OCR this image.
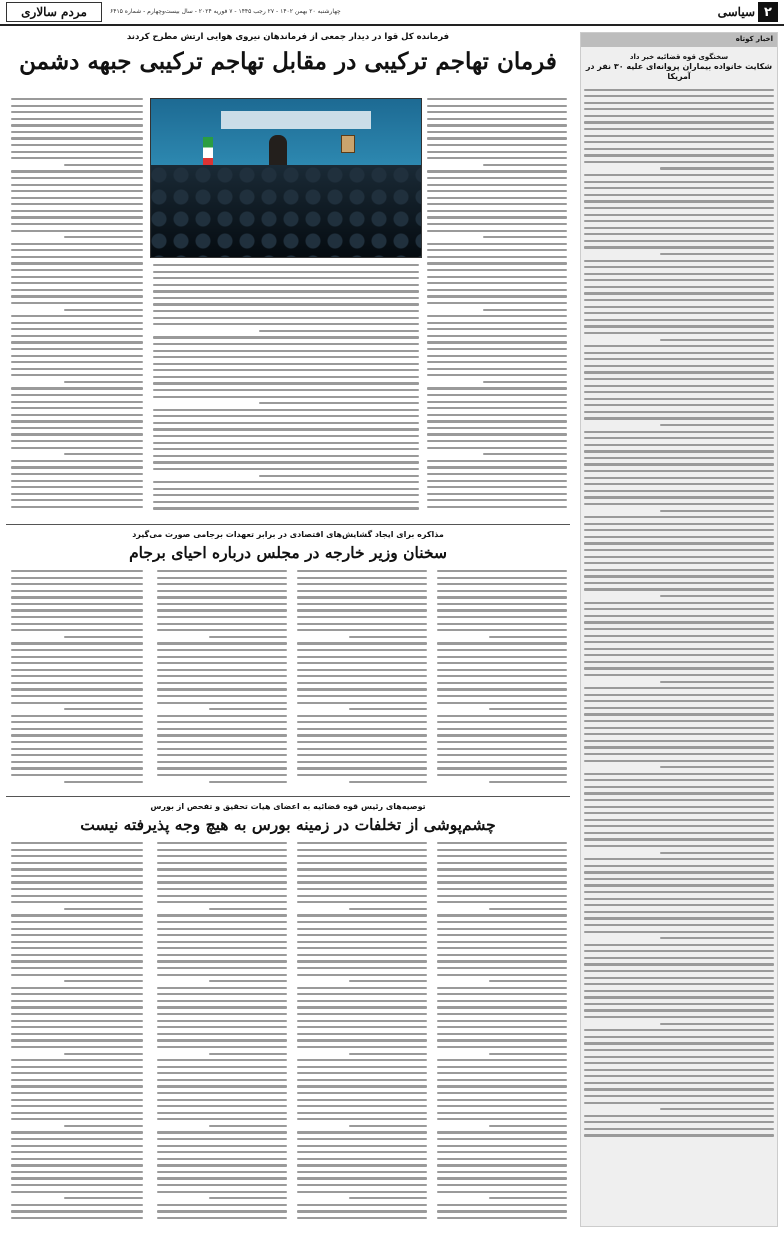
۲
سیاسی
چهارشنبه ۲۰ بهمن ۱۴۰۲ - ۲۷ رجب ۱۴۴۵ - ۷ فوریه ۲۰۲۴ - سال بیست‌وچهارم - شماره ۶۴۱۵
مردم سالاری
اخبار کوتاه
سخنگوی قوه قضائیه خبر داد
شکایت خانواده بیماران پروانه‌ای علیه ۳۰ نفر در آمریکا
فرمانده کل قوا در دیدار جمعی از فرماندهان نیروی هوایی ارتش مطرح کردند
فرمان تهاجم ترکیبی در مقابل تهاجم ترکیبی جبهه دشمن
مذاکره برای ایجاد گشایش‌های اقتصادی در برابر تعهدات برجامی صورت می‌گیرد
سخنان وزیر خارجه در مجلس درباره احیای برجام
توصیه‌های رئیس قوه قضائیه به اعضای هیات تحقیق و تفحص از بورس
چشم‌پوشی از تخلفات در زمینه بورس به هیچ وجه پذیرفته نیست
